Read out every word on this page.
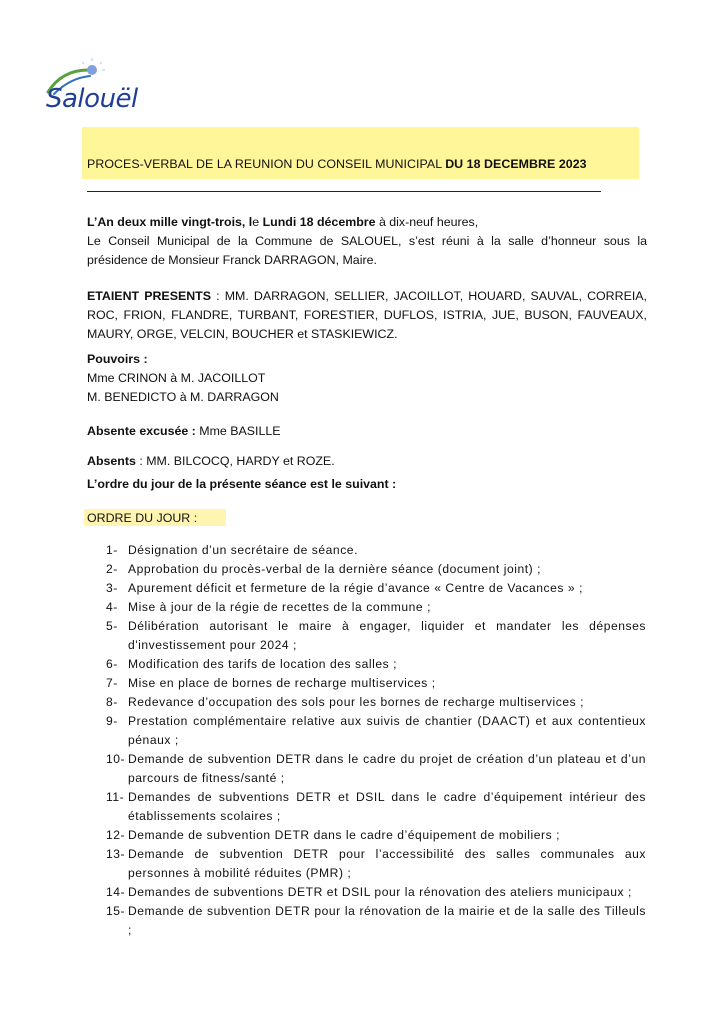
Salouël
PROCES-VERBAL DE LA REUNION DU CONSEIL MUNICIPAL DU 18 DECEMBRE 2023

L’An deux mille vingt-trois, le Lundi 18 décembre à dix-neuf heures,

Le Conseil Municipal de la Commune de SALOUEL, s’est réuni à la salle d’honneur sous la présidence de Monsieur Franck DARRAGON, Maire.

ETAIENT PRESENTS : MM. DARRAGON, SELLIER, JACOILLOT, HOUARD, SAUVAL, CORREIA, ROC, FRION, FLANDRE, TURBANT, FORESTIER, DUFLOS, ISTRIA, JUE, BUSON, FAUVEAUX, MAURY, ORGE, VELCIN, BOUCHER et STASKIEWICZ.

Pouvoirs :

Mme CRINON à M. JACOILLOT

M. BENEDICTO à M. DARRAGON

Absente excusée : Mme BASILLE
Absents : MM. BILCOCQ, HARDY et ROZE.
L’ordre du jour de la présente séance est le suivant :
ORDRE DU JOUR :
1- Désignation d’un secrétaire de séance.
2- Approbation du procès-verbal de la dernière séance (document joint) ;
3- Apurement déficit et fermeture de la régie d’avance « Centre de Vacances » ;
4- Mise à jour de la régie de recettes de la commune ;
5- Délibération autorisant le maire à engager, liquider et mandater les dépenses d'investissement pour 2024 ;
6- Modification des tarifs de location des salles ;
7- Mise en place de bornes de recharge multiservices ;
8- Redevance d’occupation des sols pour les bornes de recharge multiservices ;
9- Prestation complémentaire relative aux suivis de chantier (DAACT) et aux contentieux pénaux ;
10- Demande de subvention DETR dans le cadre du projet de création d’un plateau et d’un parcours de fitness/santé ;
11- Demandes de subventions DETR et DSIL dans le cadre d’équipement intérieur des établissements scolaires ;
12- Demande de subvention DETR dans le cadre d’équipement de mobiliers ;
13- Demande de subvention DETR pour l’accessibilité des salles communales aux personnes à mobilité réduites (PMR) ;
14- Demandes de subventions DETR et DSIL pour la rénovation des ateliers municipaux ;
15- Demande de subvention DETR pour la rénovation de la mairie et de la salle des Tilleuls ;
